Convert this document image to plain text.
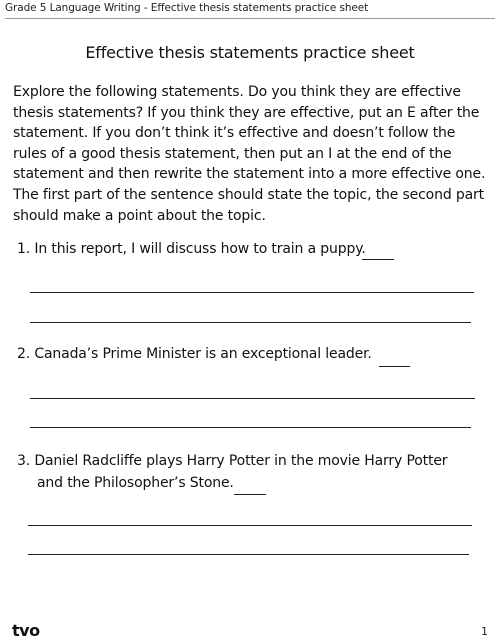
Grade 5 Language Writing - Effective thesis statements practice sheet
Effective thesis statements practice sheet

Explore the following statements. Do you think they are effective thesis statements? If you think they are effective, put an E after the statement. If you don’t think it’s effective and doesn’t follow the rules of a good thesis statement, then put an I at the end of the statement and then rewrite the statement into a more effective one. The first part of the sentence should state the topic, the second part should make a point about the topic.

1. In this report, I will discuss how to train a puppy.
2. Canada’s Prime Minister is an exceptional leader.
3. Daniel Radcliffe plays Harry Potter in the movie Harry Potter
and the Philosopher’s Stone.
tvo	1
